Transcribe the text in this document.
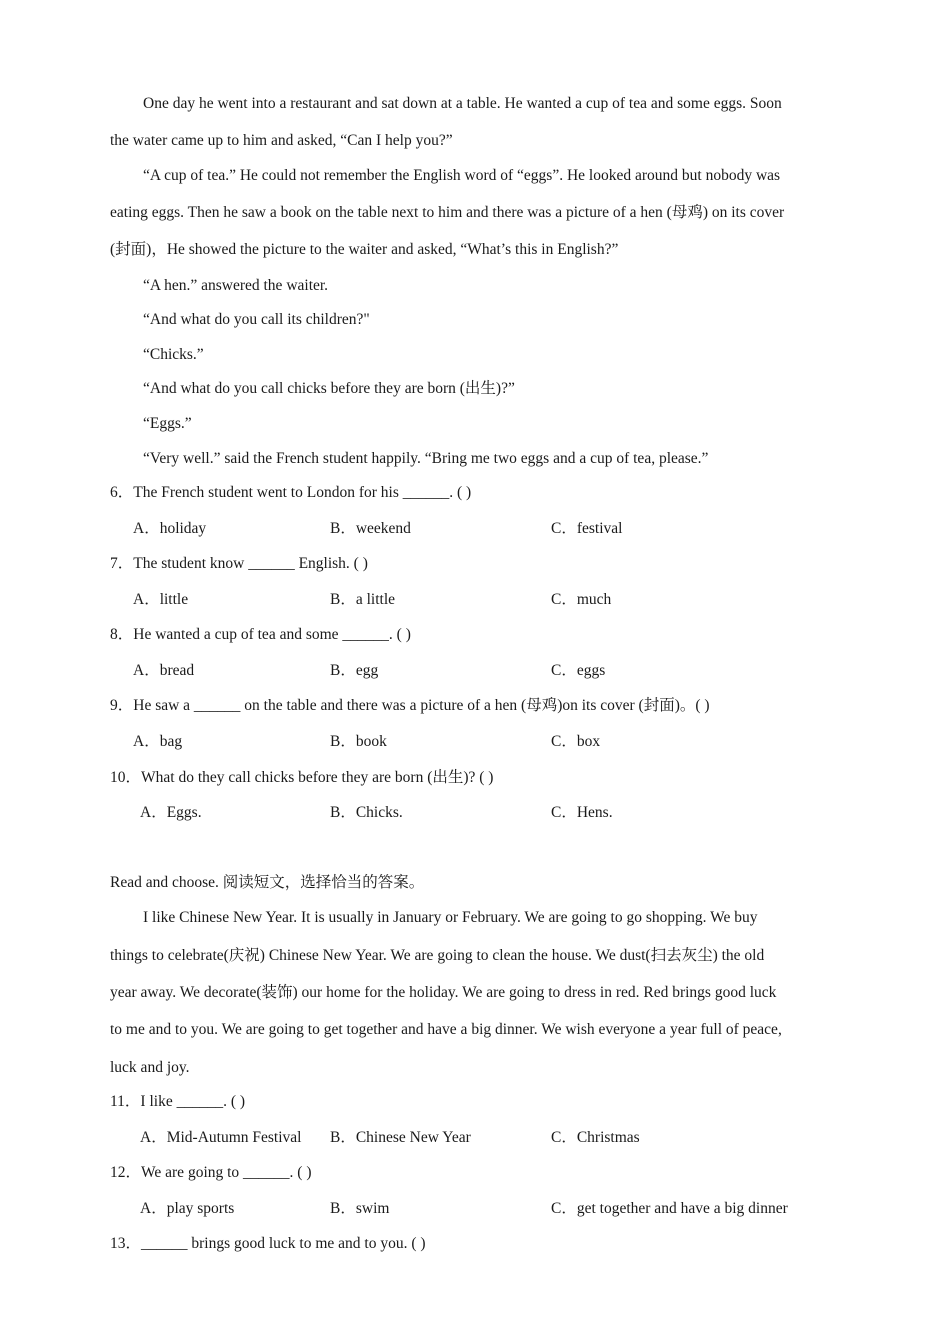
One day he went into a restaurant and sat down at a table. He wanted a cup of tea and some eggs. Soon
the water came up to him and asked, “Can I help you?”
“A cup of tea.” He could not remember the English word of “eggs”. He looked around but nobody was
eating eggs. Then he saw a book on the table next to him and there was a picture of a hen (母鸡) on its cover
(封面)，He showed the picture to the waiter and asked, “What’s this in English?”
“A hen.” answered the waiter.
“And what do you call its children?"
“Chicks.”
“And what do you call chicks before they are born (出生)?”
“Eggs.”
“Very well.” said the French student happily. “Bring me two eggs and a cup of tea, please.”
6．The French student went to London for his ______. ( )
A．holiday	B．weekend	C．festival
7．The student know ______ English. ( )
A．little	B．a little	C．much
8．He wanted a cup of tea and some ______. ( )
A．bread	B．egg	C．eggs
9．He saw a ______ on the table and there was a picture of a hen (母鸡)on its cover (封面)。( )
A．bag	B．book	C．box
10．What do they call chicks before they are born (出生)? ( )
A．Eggs.	B．Chicks.	C．Hens.
Read and choose. 阅读短文，选择恰当的答案。
I like Chinese New Year. It is usually in January or February. We are going to go shopping. We buy
things to celebrate(庆祝) Chinese New Year. We are going to clean the house. We dust(扫去灰尘) the old
year away. We decorate(装饰) our home for the holiday. We are going to dress in red. Red brings good luck
to me and to you. We are going to get together and have a big dinner. We wish everyone a year full of peace,
luck and joy.
11．I like ______. ( )
A．Mid-Autumn Festival B．Chinese New Year	C．Christmas
12．We are going to ______. ( )
A．play sports	B．swim	C．get together and have a big dinner
13．______ brings good luck to me and to you. ( )
